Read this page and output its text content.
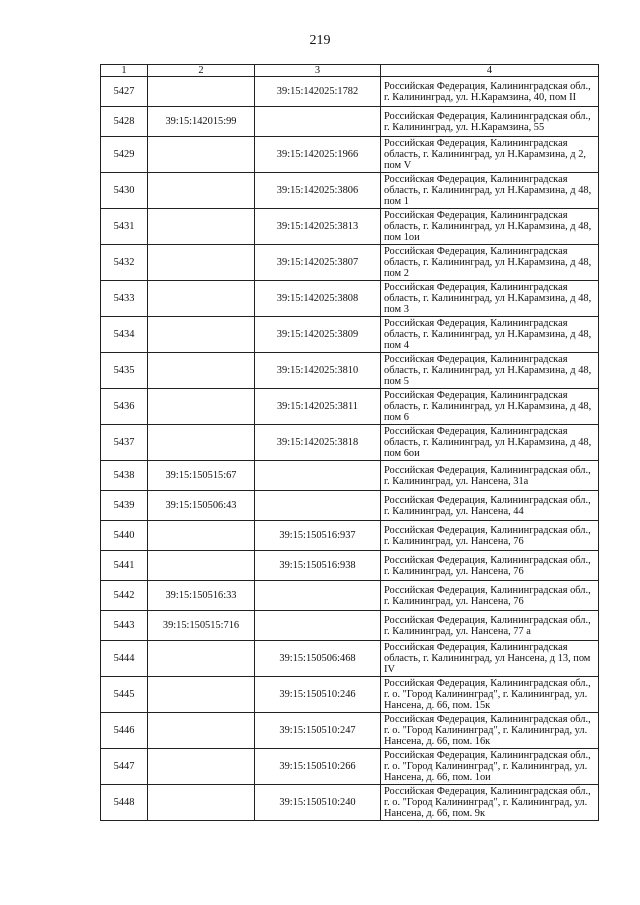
219
1	2	3	4
5427		39:15:142025:1782	Российская Федерация, Калининградская обл., г. Калининград, ул. Н.Карамзина, 40, пом II
5428	39:15:142015:99		Российская Федерация, Калининградская обл., г. Калининград, ул. Н.Карамзина, 55
5429		39:15:142025:1966	Российская Федерация, Калининградская область, г. Калининград, ул Н.Карамзина, д 2, пом V
5430		39:15:142025:3806	Российская Федерация, Калининградская область, г. Калининград, ул Н.Карамзина, д 48, пом 1
5431		39:15:142025:3813	Российская Федерация, Калининградская область, г. Калининград, ул Н.Карамзина, д 48, пом 1ои
5432		39:15:142025:3807	Российская Федерация, Калининградская область, г. Калининград, ул Н.Карамзина, д 48, пом 2
5433		39:15:142025:3808	Российская Федерация, Калининградская область, г. Калининград, ул Н.Карамзина, д 48, пом 3
5434		39:15:142025:3809	Российская Федерация, Калининградская область, г. Калининград, ул Н.Карамзина, д 48, пом 4
5435		39:15:142025:3810	Российская Федерация, Калининградская область, г. Калининград, ул Н.Карамзина, д 48, пом 5
5436		39:15:142025:3811	Российская Федерация, Калининградская область, г. Калининград, ул Н.Карамзина, д 48, пом 6
5437		39:15:142025:3818	Российская Федерация, Калининградская область, г. Калининград, ул Н.Карамзина, д 48, пом 6ои
5438	39:15:150515:67		Российская Федерация, Калининградская обл., г. Калининград, ул. Нансена, 31а
5439	39:15:150506:43		Российская Федерация, Калининградская обл., г. Калининград, ул. Нансена, 44
5440		39:15:150516:937	Российская Федерация, Калининградская обл., г. Калининград, ул. Нансена, 76
5441		39:15:150516:938	Российская Федерация, Калининградская обл., г. Калининград, ул. Нансена, 76
5442	39:15:150516:33		Российская Федерация, Калининградская обл., г. Калининград, ул. Нансена, 76
5443	39:15:150515:716		Российская Федерация, Калининградская обл., г. Калининград, ул. Нансена, 77 а
5444		39:15:150506:468	Российская Федерация, Калининградская область, г. Калининград, ул Нансена, д 13, пом IV
5445		39:15:150510:246	Российская Федерация, Калининградская обл., г. о. "Город Калининград", г. Калининград, ул. Нансена, д. 66, пом. 15к
5446		39:15:150510:247	Российская Федерация, Калининградская обл., г. о. "Город Калининград", г. Калининград, ул. Нансена, д. 66, пом. 16к
5447		39:15:150510:266	Российская Федерация, Калининградская обл., г. о. "Город Калининград", г. Калининград, ул. Нансена, д. 66, пом. 1ои
5448		39:15:150510:240	Российская Федерация, Калининградская обл., г. о. "Город Калининград", г. Калининград, ул. Нансена, д. 66, пом. 9к
